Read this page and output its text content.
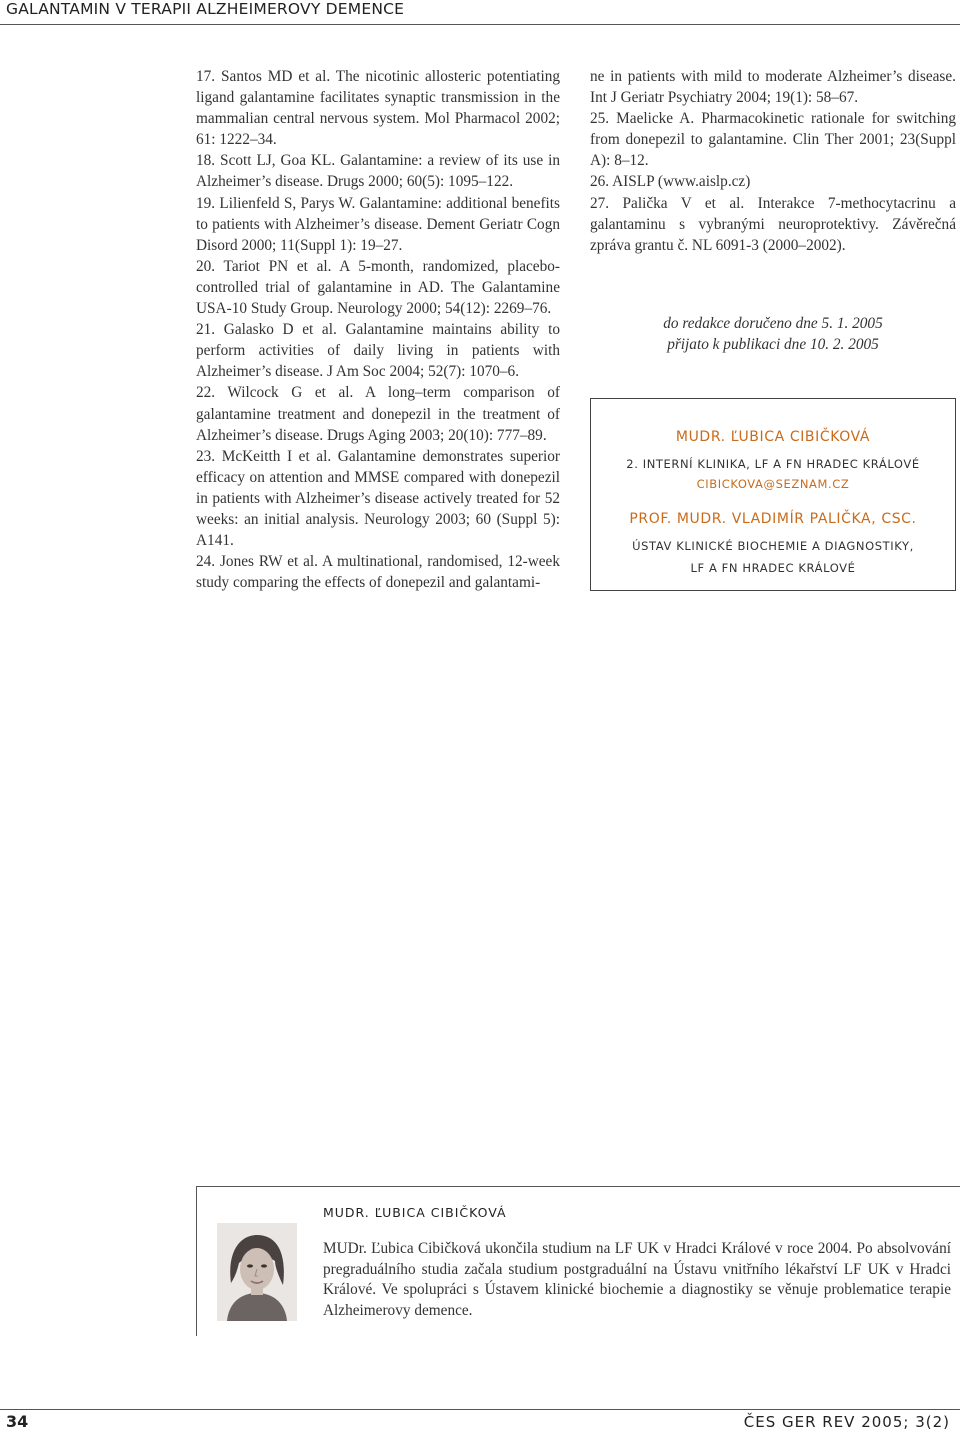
GALANTAMIN V TERAPII ALZHEIMEROVY DEMENCE

17. Santos MD et al. The nicotinic allosteric potentiating ligand galantamine facilitates synaptic transmission in the mammalian central nervous system. Mol Pharmacol 2002; 61: 1222–34.

18. Scott LJ, Goa KL. Galantamine: a review of its use in Alzheimer’s disease. Drugs 2000; 60(5): 1095–122.

19. Lilienfeld S, Parys W. Galantamine: additional benefits to patients with Alzheimer’s disease. Dement Geriatr Cogn Disord 2000; 11(Suppl 1): 19–27.

20. Tariot PN et al. A 5-month, randomized, placebo-controlled trial of galantamine in AD. The Galantamine USA-10 Study Group. Neurology 2000; 54(12): 2269–76.

21. Galasko D et al. Galantamine maintains ability to perform activities of daily living in patients with Alzheimer’s disease. J Am Soc 2004; 52(7): 1070–6.

22. Wilcock G et al. A long–term comparison of galantamine treatment and donepezil in the treatment of Alzheimer’s disease. Drugs Aging 2003; 20(10): 777–89.

23. McKeitth I et al. Galantamine demonstrates superior efficacy on attention and MMSE compared with donepezil in patients with Alzheimer’s disease actively treated for 52 weeks: an initial analysis. Neurology 2003; 60 (Suppl 5): A141.

24. Jones RW et al. A multinational, randomised, 12-week study comparing the effects of donepezil and galantami-

ne in patients with mild to moderate Alzheimer’s disease. Int J Geriatr Psychiatry 2004; 19(1): 58–67.

25. Maelicke A. Pharmacokinetic rationale for switching from donepezil to galantamine. Clin Ther 2001; 23(Suppl A): 8–12.

26. AISLP (www.aislp.cz)

27. Palička V et al. Interakce 7-methocytacrinu a galantaminu s vybranými neuroprotektivy. Závěrečná zpráva grantu č. NL 6091-3 (2000–2002).

do redakce doručeno dne 5. 1. 2005
přijato k publikaci dne 10. 2. 2005
MUDR. ĽUBICA CIBIČKOVÁ
2. INTERNÍ KLINIKA, LF A FN HRADEC KRÁLOVÉ
CIBICKOVA@SEZNAM.CZ
PROF. MUDR. VLADIMÍR PALIČKA, CSC.
ÚSTAV KLINICKÉ BIOCHEMIE A DIAGNOSTIKY,
LF A FN HRADEC KRÁLOVÉ
MUDR. ĽUBICA CIBIČKOVÁ
MUDr. Ľubica Cibičková ukončila studium na LF UK v Hradci Králové v roce 2004. Po absolvování pregraduálního studia začala studium postgraduální na Ústavu vnitřního lékařství LF UK v Hradci Králové. Ve spolupráci s Ústavem klinické biochemie a diagnostiky se věnuje problematice terapie Alzheimerovy demence.
34	ČES GER REV 2005; 3(2)
